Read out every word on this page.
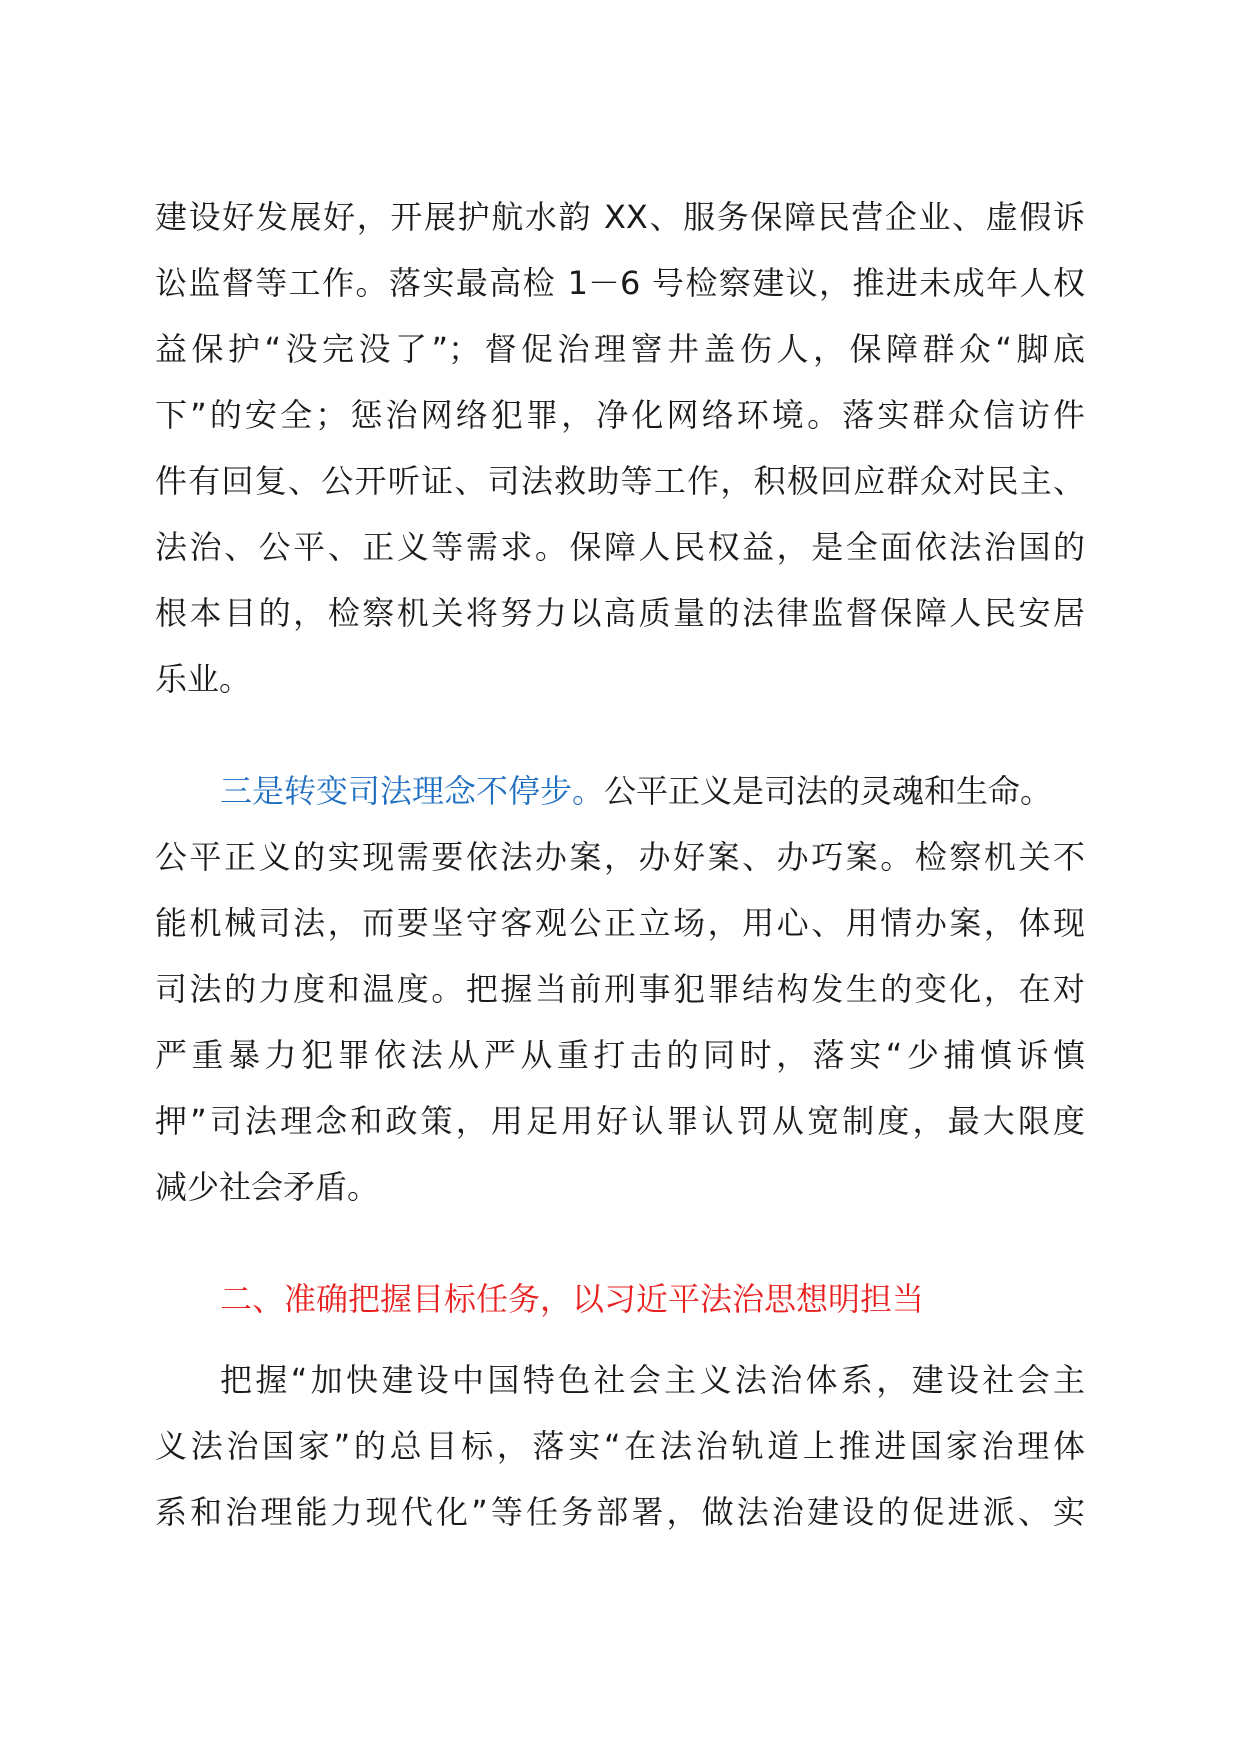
建设好发展好，开展护航水韵 XX、服务保障民营企业、虚假诉
讼监督等工作。落实最高检 1－6 号检察建议，推进未成年人权
益保护“没完没了”；督促治理窨井盖伤人，保障群众“脚底
下”的安全；惩治网络犯罪，净化网络环境。落实群众信访件
件有回复、公开听证、司法救助等工作，积极回应群众对民主、
法治、公平、正义等需求。保障人民权益，是全面依法治国的
根本目的，检察机关将努力以高质量的法律监督保障人民安居
乐业。
三是转变司法理念不停步。公平正义是司法的灵魂和生命。
公平正义的实现需要依法办案，办好案、办巧案。检察机关不
能机械司法，而要坚守客观公正立场，用心、用情办案，体现
司法的力度和温度。把握当前刑事犯罪结构发生的变化，在对
严重暴力犯罪依法从严从重打击的同时，落实“少捕慎诉慎
押”司法理念和政策，用足用好认罪认罚从宽制度，最大限度
减少社会矛盾。
二、准确把握目标任务，以习近平法治思想明担当
把握“加快建设中国特色社会主义法治体系，建设社会主
义法治国家”的总目标，落实“在法治轨道上推进国家治理体
系和治理能力现代化”等任务部署，做法治建设的促进派、实
